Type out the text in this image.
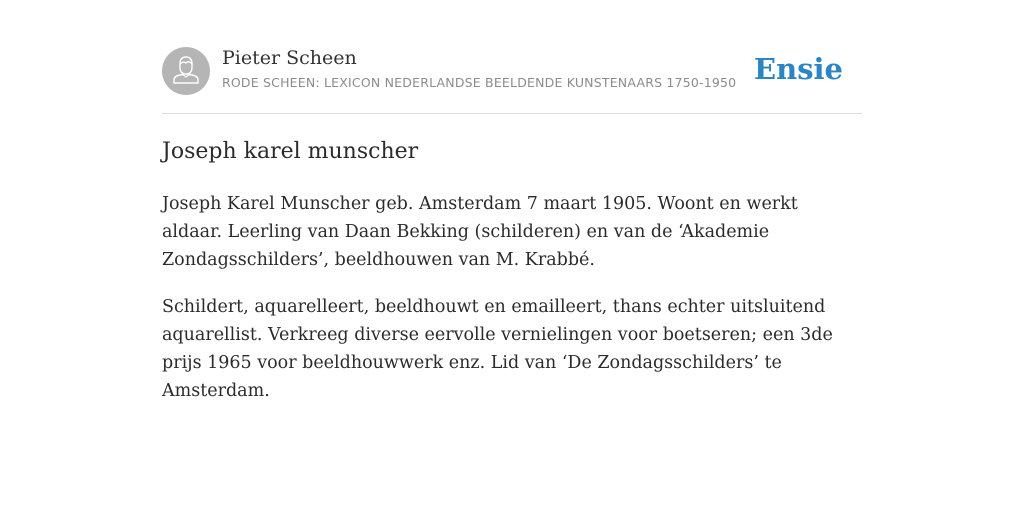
Pieter Scheen
RODE SCHEEN: LEXICON NEDERLANDSE BEELDENDE KUNSTENAARS 1750-1950 Ensie
Joseph karel munscher

Joseph Karel Munscher geb. Amsterdam 7 maart 1905. Woont en werkt aldaar. Leerling van Daan Bekking (schilderen) en van de ‘Akademie Zondagsschilders’, beeldhouwen van M. Krabbé.

Schildert, aquarelleert, beeldhouwt en emailleert, thans echter uitsluitend aquarellist. Verkreeg diverse eervolle vernielingen voor boetseren; een 3de prijs 1965 voor beeldhouwwerk enz. Lid van ‘De Zondagsschilders’ te Amsterdam.
